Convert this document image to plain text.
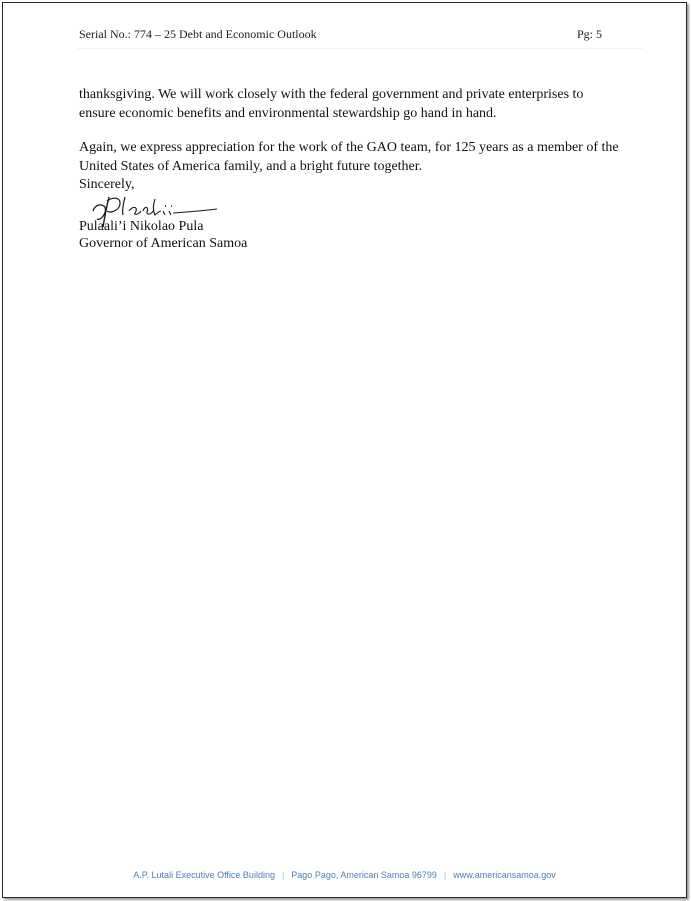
Serial No.: 774 – 25 Debt and Economic Outlook	Pg: 5

thanksgiving. We will work closely with the federal government and private enterprises to ensure economic benefits and environmental stewardship go hand in hand.

Again, we express appreciation for the work of the GAO team, for 125 years as a member of the United States of America family, and a bright future together.

Sincerely,
Pulaali’i Nikolao Pula
Governor of American Samoa
A.P. Lutali Executive Office Building | Pago Pago, American Samoa 96799 | www.americansamoa.gov
